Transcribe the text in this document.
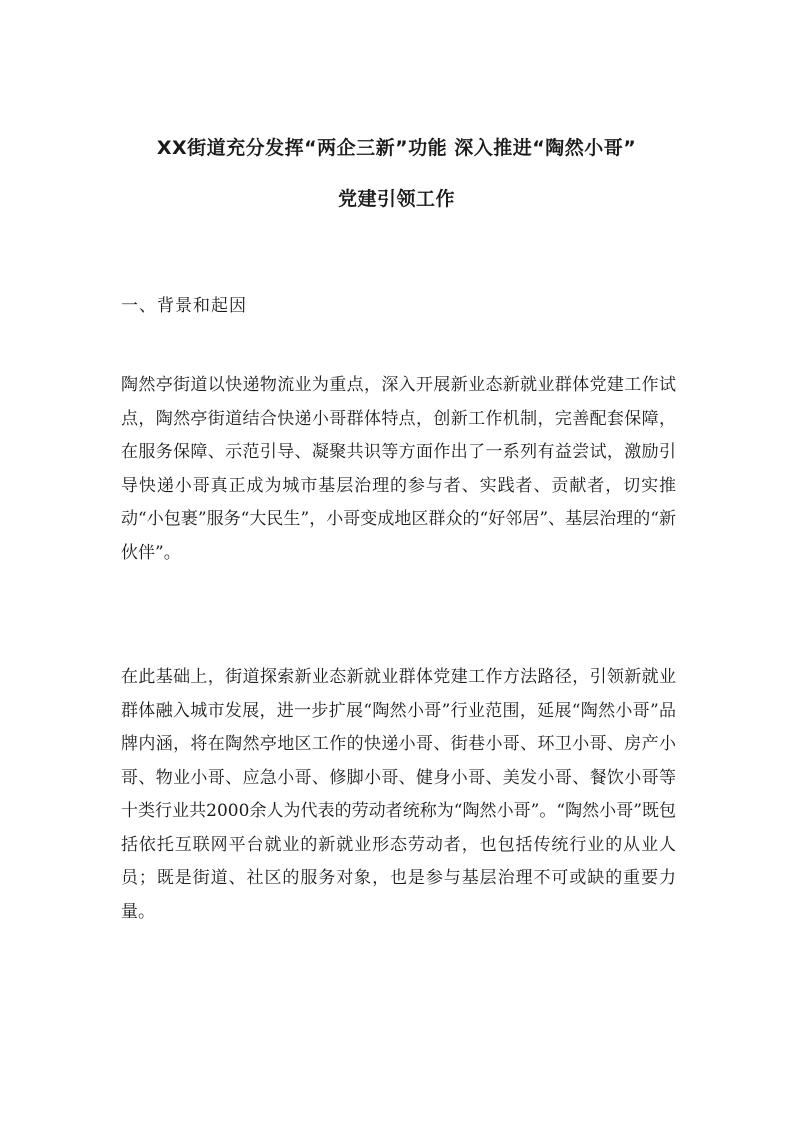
XX街道充分发挥“两企三新”功能 深入推进“陶然小哥”
党建引领工作
一、背景和起因

陶然亭街道以快递物流业为重点，深入开展新业态新就业群体党建工作试点，陶然亭街道结合快递小哥群体特点，创新工作机制，完善配套保障，在服务保障、示范引导、凝聚共识等方面作出了一系列有益尝试，激励引导快递小哥真正成为城市基层治理的参与者、实践者、贡献者，切实推动“小包裹”服务“大民生”，小哥变成地区群众的“好邻居”、基层治理的“新伙伴”。

在此基础上，街道探索新业态新就业群体党建工作方法路径，引领新就业群体融入城市发展，进一步扩展“陶然小哥”行业范围，延展“陶然小哥”品牌内涵，将在陶然亭地区工作的快递小哥、街巷小哥、环卫小哥、房产小哥、物业小哥、应急小哥、修脚小哥、健身小哥、美发小哥、餐饮小哥等十类行业共2000余人为代表的劳动者统称为“陶然小哥”。“陶然小哥”既包括依托互联网平台就业的新就业形态劳动者，也包括传统行业的从业人员；既是街道、社区的服务对象，也是参与基层治理不可或缺的重要力量。
